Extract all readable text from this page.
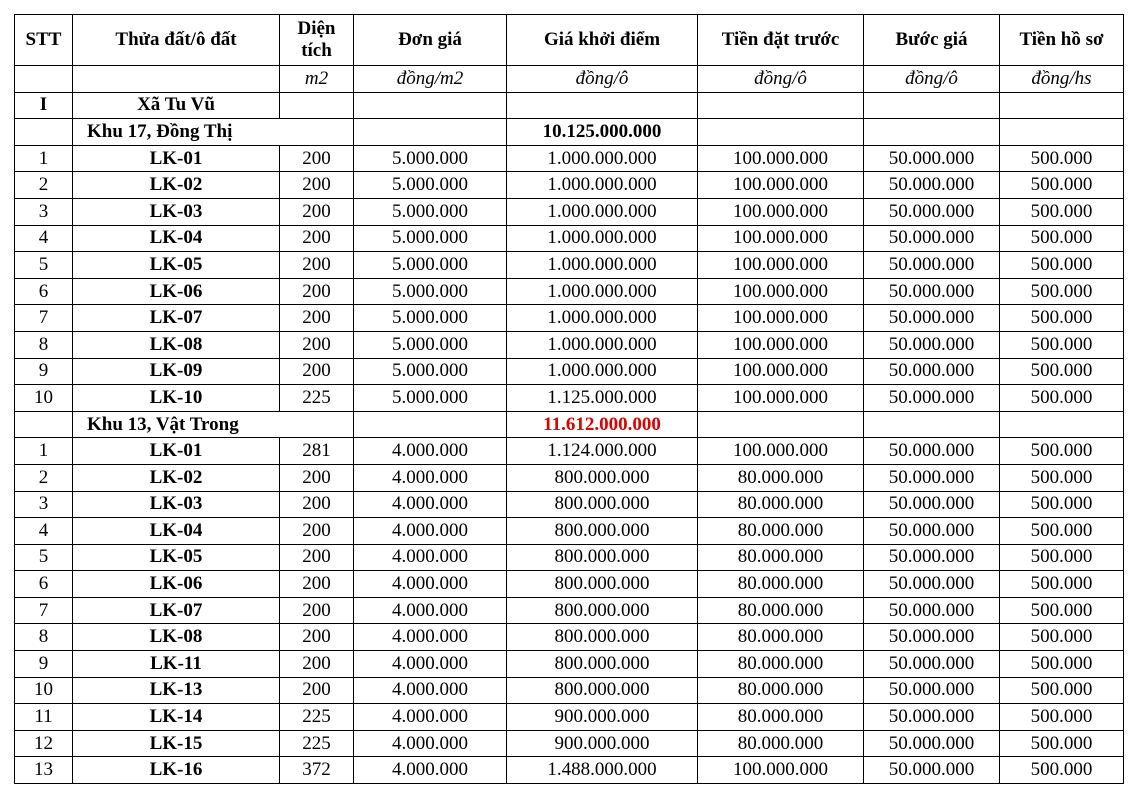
STT	Thửa đất/ô đất	Diện tích	Đơn giá	Giá khởi điểm	Tiền đặt trước	Bước giá	Tiền hồ sơ
		m2	đồng/m2	đồng/ô	đồng/ô	đồng/ô	đồng/hs
I	Xã Tu Vũ						
	Khu 17, Đồng Thị			10.125.000.000			
1	LK-01	200	5.000.000	1.000.000.000	100.000.000	50.000.000	500.000
2	LK-02	200	5.000.000	1.000.000.000	100.000.000	50.000.000	500.000
3	LK-03	200	5.000.000	1.000.000.000	100.000.000	50.000.000	500.000
4	LK-04	200	5.000.000	1.000.000.000	100.000.000	50.000.000	500.000
5	LK-05	200	5.000.000	1.000.000.000	100.000.000	50.000.000	500.000
6	LK-06	200	5.000.000	1.000.000.000	100.000.000	50.000.000	500.000
7	LK-07	200	5.000.000	1.000.000.000	100.000.000	50.000.000	500.000
8	LK-08	200	5.000.000	1.000.000.000	100.000.000	50.000.000	500.000
9	LK-09	200	5.000.000	1.000.000.000	100.000.000	50.000.000	500.000
10	LK-10	225	5.000.000	1.125.000.000	100.000.000	50.000.000	500.000
	Khu 13, Vật Trong			11.612.000.000			
1	LK-01	281	4.000.000	1.124.000.000	100.000.000	50.000.000	500.000
2	LK-02	200	4.000.000	800.000.000	80.000.000	50.000.000	500.000
3	LK-03	200	4.000.000	800.000.000	80.000.000	50.000.000	500.000
4	LK-04	200	4.000.000	800.000.000	80.000.000	50.000.000	500.000
5	LK-05	200	4.000.000	800.000.000	80.000.000	50.000.000	500.000
6	LK-06	200	4.000.000	800.000.000	80.000.000	50.000.000	500.000
7	LK-07	200	4.000.000	800.000.000	80.000.000	50.000.000	500.000
8	LK-08	200	4.000.000	800.000.000	80.000.000	50.000.000	500.000
9	LK-11	200	4.000.000	800.000.000	80.000.000	50.000.000	500.000
10	LK-13	200	4.000.000	800.000.000	80.000.000	50.000.000	500.000
11	LK-14	225	4.000.000	900.000.000	80.000.000	50.000.000	500.000
12	LK-15	225	4.000.000	900.000.000	80.000.000	50.000.000	500.000
13	LK-16	372	4.000.000	1.488.000.000	100.000.000	50.000.000	500.000
